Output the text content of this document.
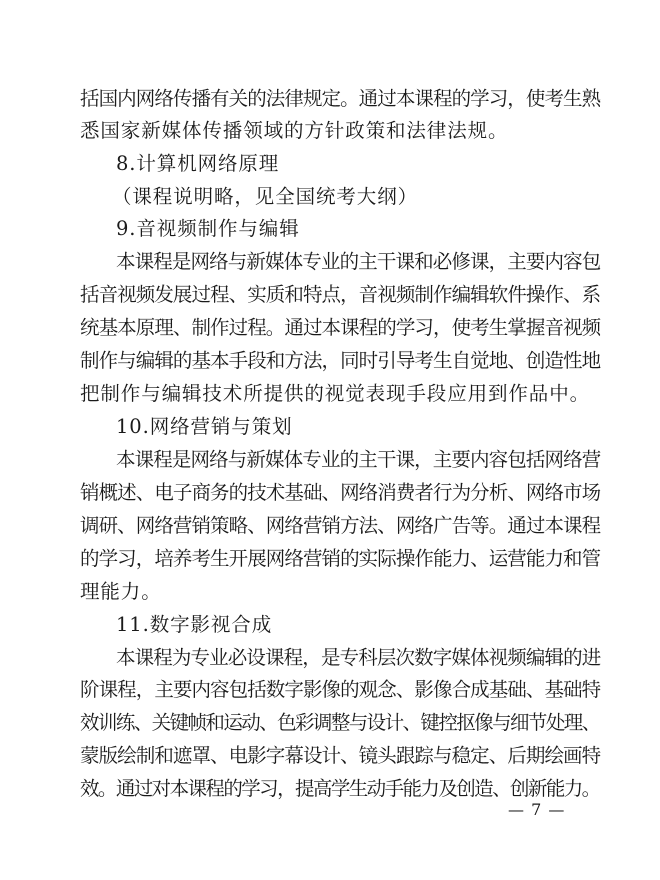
括国内网络传播有关的法律规定。通过本课程的学习，使考生熟
悉国家新媒体传播领域的方针政策和法律法规。
8.计算机网络原理
（课程说明略，见全国统考大纲）
9.音视频制作与编辑
本课程是网络与新媒体专业的主干课和必修课，主要内容包
括音视频发展过程、实质和特点，音视频制作编辑软件操作、系
统基本原理、制作过程。通过本课程的学习，使考生掌握音视频
制作与编辑的基本手段和方法，同时引导考生自觉地、创造性地
把制作与编辑技术所提供的视觉表现手段应用到作品中。
10.网络营销与策划
本课程是网络与新媒体专业的主干课，主要内容包括网络营
销概述、电子商务的技术基础、网络消费者行为分析、网络市场
调研、网络营销策略、网络营销方法、网络广告等。通过本课程
的学习，培养考生开展网络营销的实际操作能力、运营能力和管
理能力。
11.数字影视合成
本课程为专业必设课程，是专科层次数字媒体视频编辑的进
阶课程，主要内容包括数字影像的观念、影像合成基础、基础特
效训练、关键帧和运动、色彩调整与设计、键控抠像与细节处理、
蒙版绘制和遮罩、电影字幕设计、镜头跟踪与稳定、后期绘画特
效。通过对本课程的学习，提高学生动手能力及创造、创新能力。
— 7 —
